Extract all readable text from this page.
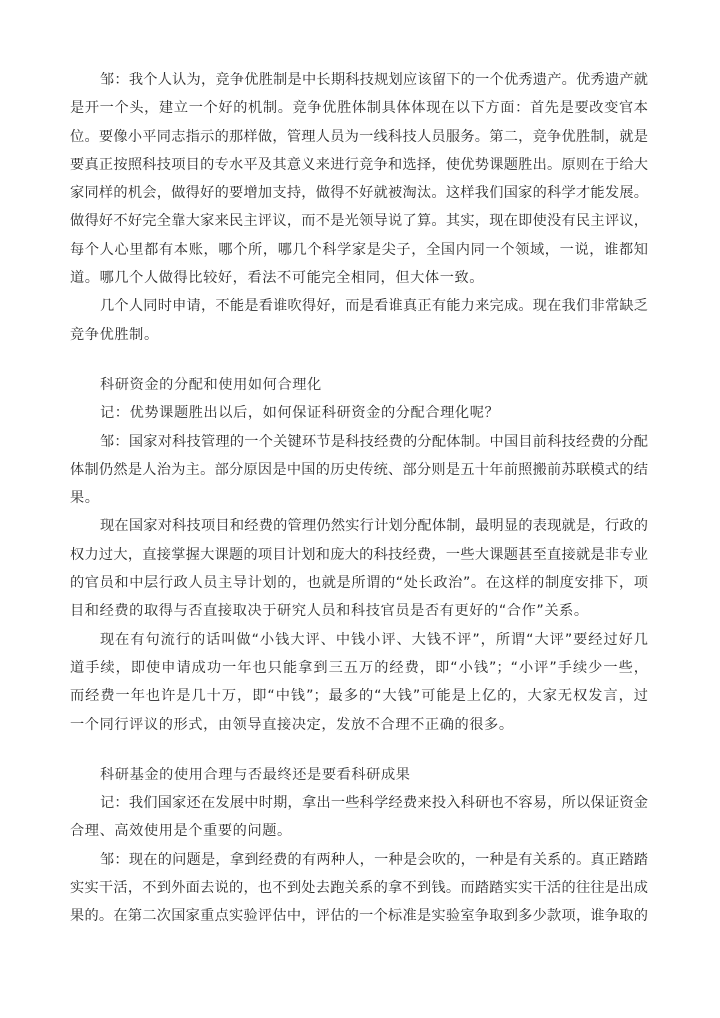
邹：我个人认为，竞争优胜制是中长期科技规划应该留下的一个优秀遗产。优秀遗产就
是开一个头，建立一个好的机制。竞争优胜体制具体体现在以下方面：首先是要改变官本
位。要像小平同志指示的那样做，管理人员为一线科技人员服务。第二，竞争优胜制，就是
要真正按照科技项目的专水平及其意义来进行竞争和选择，使优势课题胜出。原则在于给大
家同样的机会，做得好的要增加支持，做得不好就被淘汰。这样我们国家的科学才能发展。
做得好不好完全靠大家来民主评议，而不是光领导说了算。其实，现在即使没有民主评议，
每个人心里都有本账，哪个所，哪几个科学家是尖子，全国内同一个领域，一说，谁都知
道。哪几个人做得比较好，看法不可能完全相同，但大体一致。
几个人同时申请，不能是看谁吹得好，而是看谁真正有能力来完成。现在我们非常缺乏
竞争优胜制。
科研资金的分配和使用如何合理化
记：优势课题胜出以后，如何保证科研资金的分配合理化呢？
邹：国家对科技管理的一个关键环节是科技经费的分配体制。中国目前科技经费的分配
体制仍然是人治为主。部分原因是中国的历史传统、部分则是五十年前照搬前苏联模式的结
果。
现在国家对科技项目和经费的管理仍然实行计划分配体制，最明显的表现就是，行政的
权力过大，直接掌握大课题的项目计划和庞大的科技经费，一些大课题甚至直接就是非专业
的官员和中层行政人员主导计划的，也就是所谓的“处长政治”。在这样的制度安排下，项
目和经费的取得与否直接取决于研究人员和科技官员是否有更好的“合作”关系。
现在有句流行的话叫做“小钱大评、中钱小评、大钱不评”，所谓“大评”要经过好几
道手续，即使申请成功一年也只能拿到三五万的经费，即“小钱”；“小评”手续少一些，
而经费一年也许是几十万，即“中钱”；最多的“大钱”可能是上亿的，大家无权发言，过
一个同行评议的形式，由领导直接决定，发放不合理不正确的很多。
科研基金的使用合理与否最终还是要看科研成果
记：我们国家还在发展中时期，拿出一些科学经费来投入科研也不容易，所以保证资金
合理、高效使用是个重要的问题。
邹：现在的问题是，拿到经费的有两种人，一种是会吹的，一种是有关系的。真正踏踏
实实干活，不到外面去说的，也不到处去跑关系的拿不到钱。而踏踏实实干活的往往是出成
果的。在第二次国家重点实验评估中，评估的一个标准是实验室争取到多少款项，谁争取的
